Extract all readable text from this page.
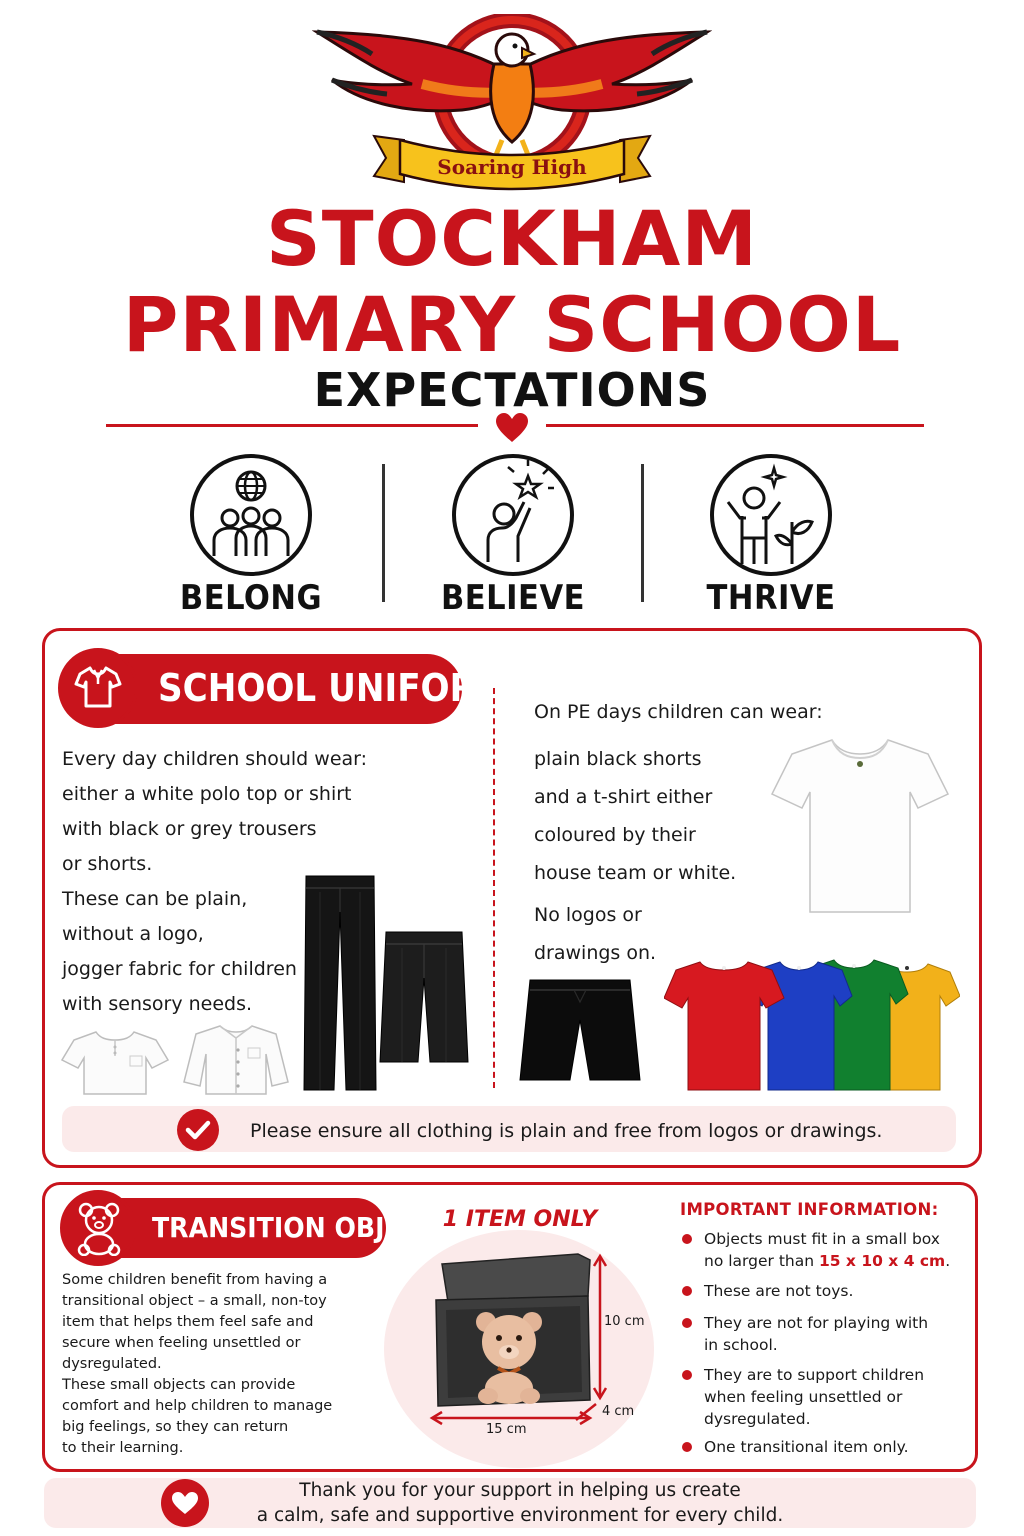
Soaring High
STOCKHAM
PRIMARY SCHOOL
EXPECTATIONS
BELONG	BELIEVE	THRIVE
SCHOOL UNIFORM
Every day children should wear:
either a white polo top or shirt
with black or grey trousers
or shorts.
These can be plain,
without a logo,
jogger fabric for children
with sensory needs.
On PE days children can wear:
plain black shorts
and a t-shirt either
coloured by their
house team or white.
No logos or
drawings on.
Please ensure all clothing is plain and free from logos or drawings.
TRANSITION OBJECT
Some children benefit from having a
transitional object – a small, non-toy
item that helps them feel safe and
secure when feeling unsettled or
dysregulated.
These small objects can provide
comfort and help children to manage
big feelings, so they can return
to their learning.
1 ITEM ONLY
10 cm
15 cm
4 cm
IMPORTANT INFORMATION:
Objects must fit in a small box
no larger than 15 x 10 x 4 cm.
These are not toys.
They are not for playing with
in school.
They are to support children
when feeling unsettled or
dysregulated.
One transitional item only.
Thank you for your support in helping us create
a calm, safe and supportive environment for every child.
